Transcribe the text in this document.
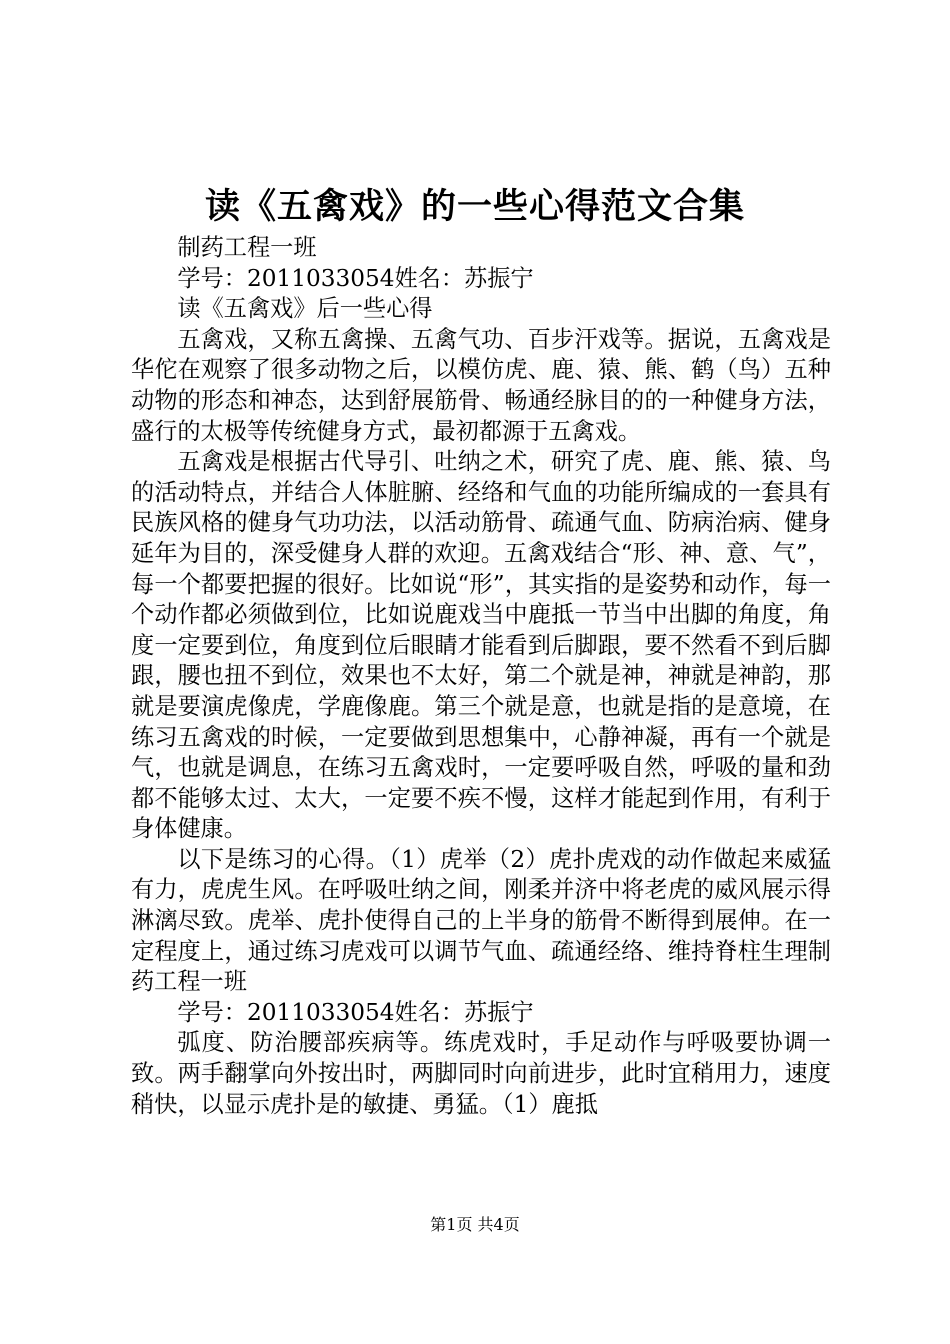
读《五禽戏》的一些心得范文合集

制药工程一班

学号：2011033054姓名：苏振宁

读《五禽戏》后一些心得

五禽戏，又称五禽操、五禽气功、百步汗戏等。据说，五禽戏是华佗在观察了很多动物之后，以模仿虎、鹿、猿、熊、鹤（鸟）五种动物的形态和神态，达到舒展筋骨、畅通经脉目的的一种健身方法，盛行的太极等传统健身方式，最初都源于五禽戏。

五禽戏是根据古代导引、吐纳之术，研究了虎、鹿、熊、猿、鸟的活动特点，并结合人体脏腑、经络和气血的功能所编成的一套具有民族风格的健身气功功法，以活动筋骨、疏通气血、防病治病、健身延年为目的，深受健身人群的欢迎。五禽戏结合“形、神、意、气”，每一个都要把握的很好。比如说“形”，其实指的是姿势和动作，每一个动作都必须做到位，比如说鹿戏当中鹿抵一节当中出脚的角度，角度一定要到位，角度到位后眼睛才能看到后脚跟，要不然看不到后脚跟，腰也扭不到位，效果也不太好，第二个就是神，神就是神韵，那就是要演虎像虎，学鹿像鹿。第三个就是意，也就是指的是意境，在练习五禽戏的时候，一定要做到思想集中，心静神凝，再有一个就是气，也就是调息，在练习五禽戏时，一定要呼吸自然，呼吸的量和劲都不能够太过、太大，一定要不疾不慢，这样才能起到作用，有利于身体健康。

以下是练习的心得。（1）虎举（2）虎扑虎戏的动作做起来威猛有力，虎虎生风。在呼吸吐纳之间，刚柔并济中将老虎的威风展示得淋漓尽致。虎举、虎扑使得自己的上半身的筋骨不断得到展伸。在一定程度上，通过练习虎戏可以调节气血、疏通经络、维持脊柱生理制药工程一班

学号：2011033054姓名：苏振宁

弧度、防治腰部疾病等。练虎戏时，手足动作与呼吸要协调一致。两手翻掌向外按出时，两脚同时向前进步，此时宜稍用力，速度稍快，以显示虎扑是的敏捷、勇猛。（1）鹿抵

第1页 共4页
